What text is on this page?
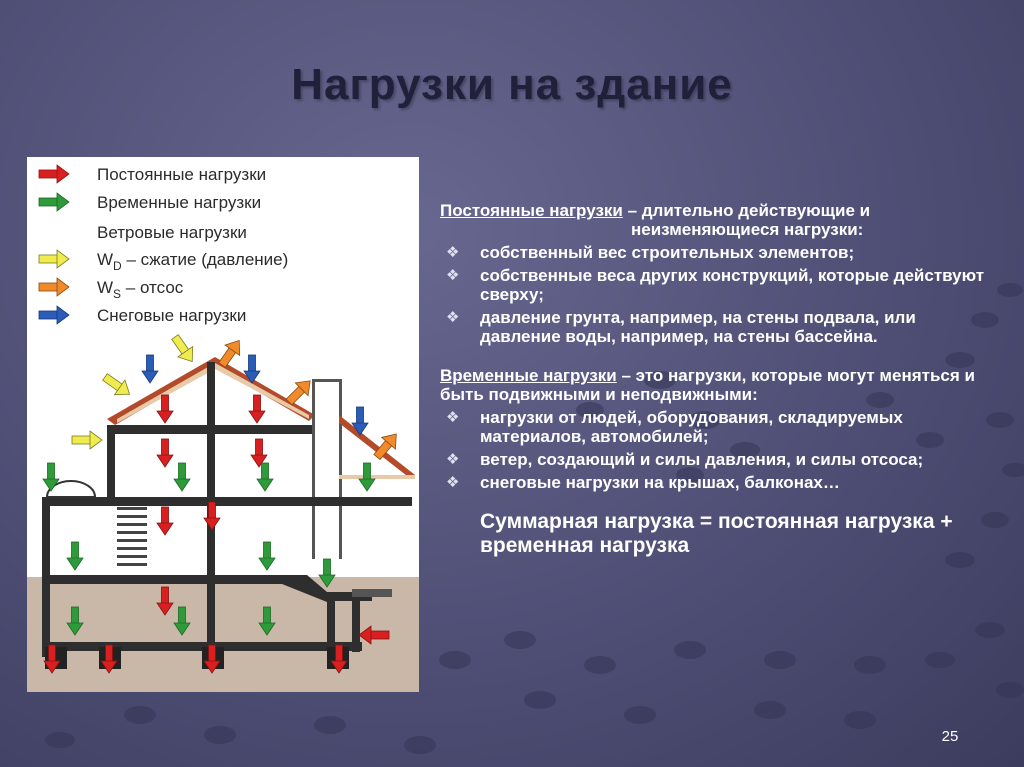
Нагрузки на здание
Постоянные нагрузки
Временные нагрузки
Ветровые нагрузки
$W_D$ – сжатие (давление)
$W_S$ – отсос
Снеговые нагрузки

Постоянные нагрузки – длительно действующие и
неизменяющиеся нагрузки:

❖ собственный вес строительных элементов;
❖ собственные веса других конструкций, которые действуют сверху;
❖ давление грунта, например, на стены подвала, или давление воды, например, на стены бассейна.

Временные нагрузки – это нагрузки, которые могут меняться и быть подвижными и неподвижными:

❖ нагрузки от людей, оборудования, складируемых материалов, автомобилей;
❖ ветер, создающий и силы давления, и силы отсоса;
❖ снеговые нагрузки на крышах, балконах…

Суммарная нагрузка = постоянная нагрузка + временная нагрузка

25
